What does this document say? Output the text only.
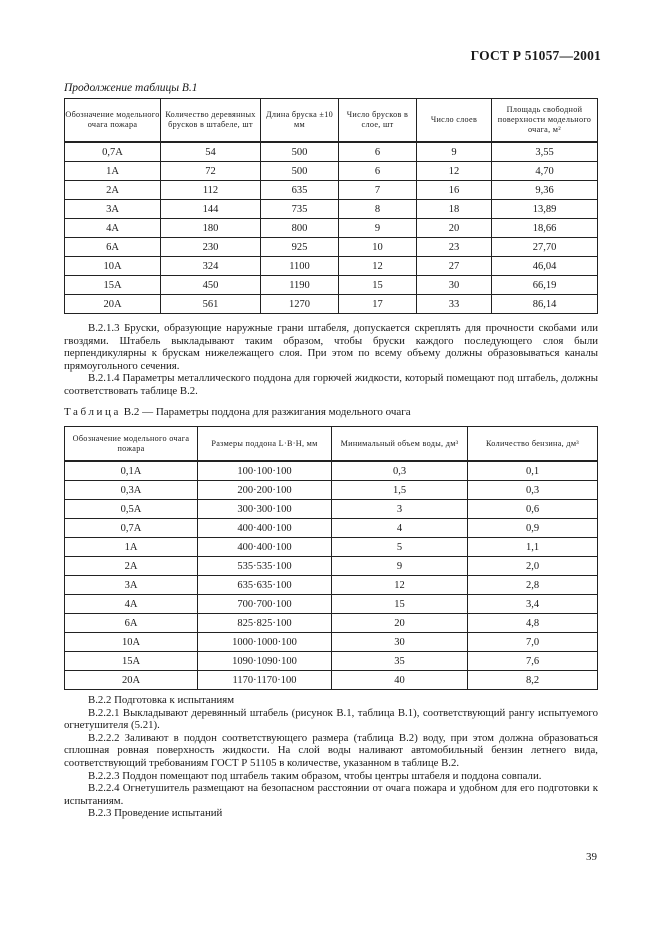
ГОСТ Р 51057—2001
Продолжение таблицы В.1
Обозначение модельного очага пожара	Количество деревянных брусков в штабеле, шт	Длина бруска ±10 мм	Число брусков в слое, шт	Число слоев	Площадь свободной поверхности модельного очага, м²
0,7А	54	500	6	9	3,55
1А	72	500	6	12	4,70
2А	112	635	7	16	9,36
3А	144	735	8	18	13,89
4А	180	800	9	20	18,66
6А	230	925	10	23	27,70
10А	324	1100	12	27	46,04
15А	450	1190	15	30	66,19
20А	561	1270	17	33	86,14

В.2.1.3 Бруски, образующие наружные грани штабеля, допускается скреплять для прочности скобами или гвоздями. Штабель выкладывают таким образом, чтобы бруски каждого последующего слоя были перпендикулярны к брускам нижележащего слоя. При этом по всему объему должны образовываться каналы прямоугольного сечения.

В.2.1.4 Параметры металлического поддона для горючей жидкости, который помещают под штабель, должны соответствовать таблице В.2.

Таблица В.2 — Параметры поддона для разжигания модельного очага
Обозначение модельного очага пожара	Размеры поддона L·B·H, мм	Минимальный объем воды, дм³	Количество бензина, дм³
0,1А	100·100·100	0,3	0,1
0,3А	200·200·100	1,5	0,3
0,5А	300·300·100	3	0,6
0,7А	400·400·100	4	0,9
1А	400·400·100	5	1,1
2А	535·535·100	9	2,0
3А	635·635·100	12	2,8
4А	700·700·100	15	3,4
6А	825·825·100	20	4,8
10А	1000·1000·100	30	7,0
15А	1090·1090·100	35	7,6
20А	1170·1170·100	40	8,2

В.2.2 Подготовка к испытаниям

В.2.2.1 Выкладывают деревянный штабель (рисунок В.1, таблица В.1), соответствующий рангу испытуемого огнетушителя (5.21).

В.2.2.2 Заливают в поддон соответствующего размера (таблица В.2) воду, при этом должна образоваться сплошная ровная поверхность жидкости. На слой воды наливают автомобильный бензин летнего вида, соответствующий требованиям ГОСТ Р 51105 в количестве, указанном в таблице В.2.

В.2.2.3 Поддон помещают под штабель таким образом, чтобы центры штабеля и поддона совпали.

В.2.2.4 Огнетушитель размещают на безопасном расстоянии от очага пожара и удобном для его подготовки к испытаниям.

В.2.3 Проведение испытаний

39
